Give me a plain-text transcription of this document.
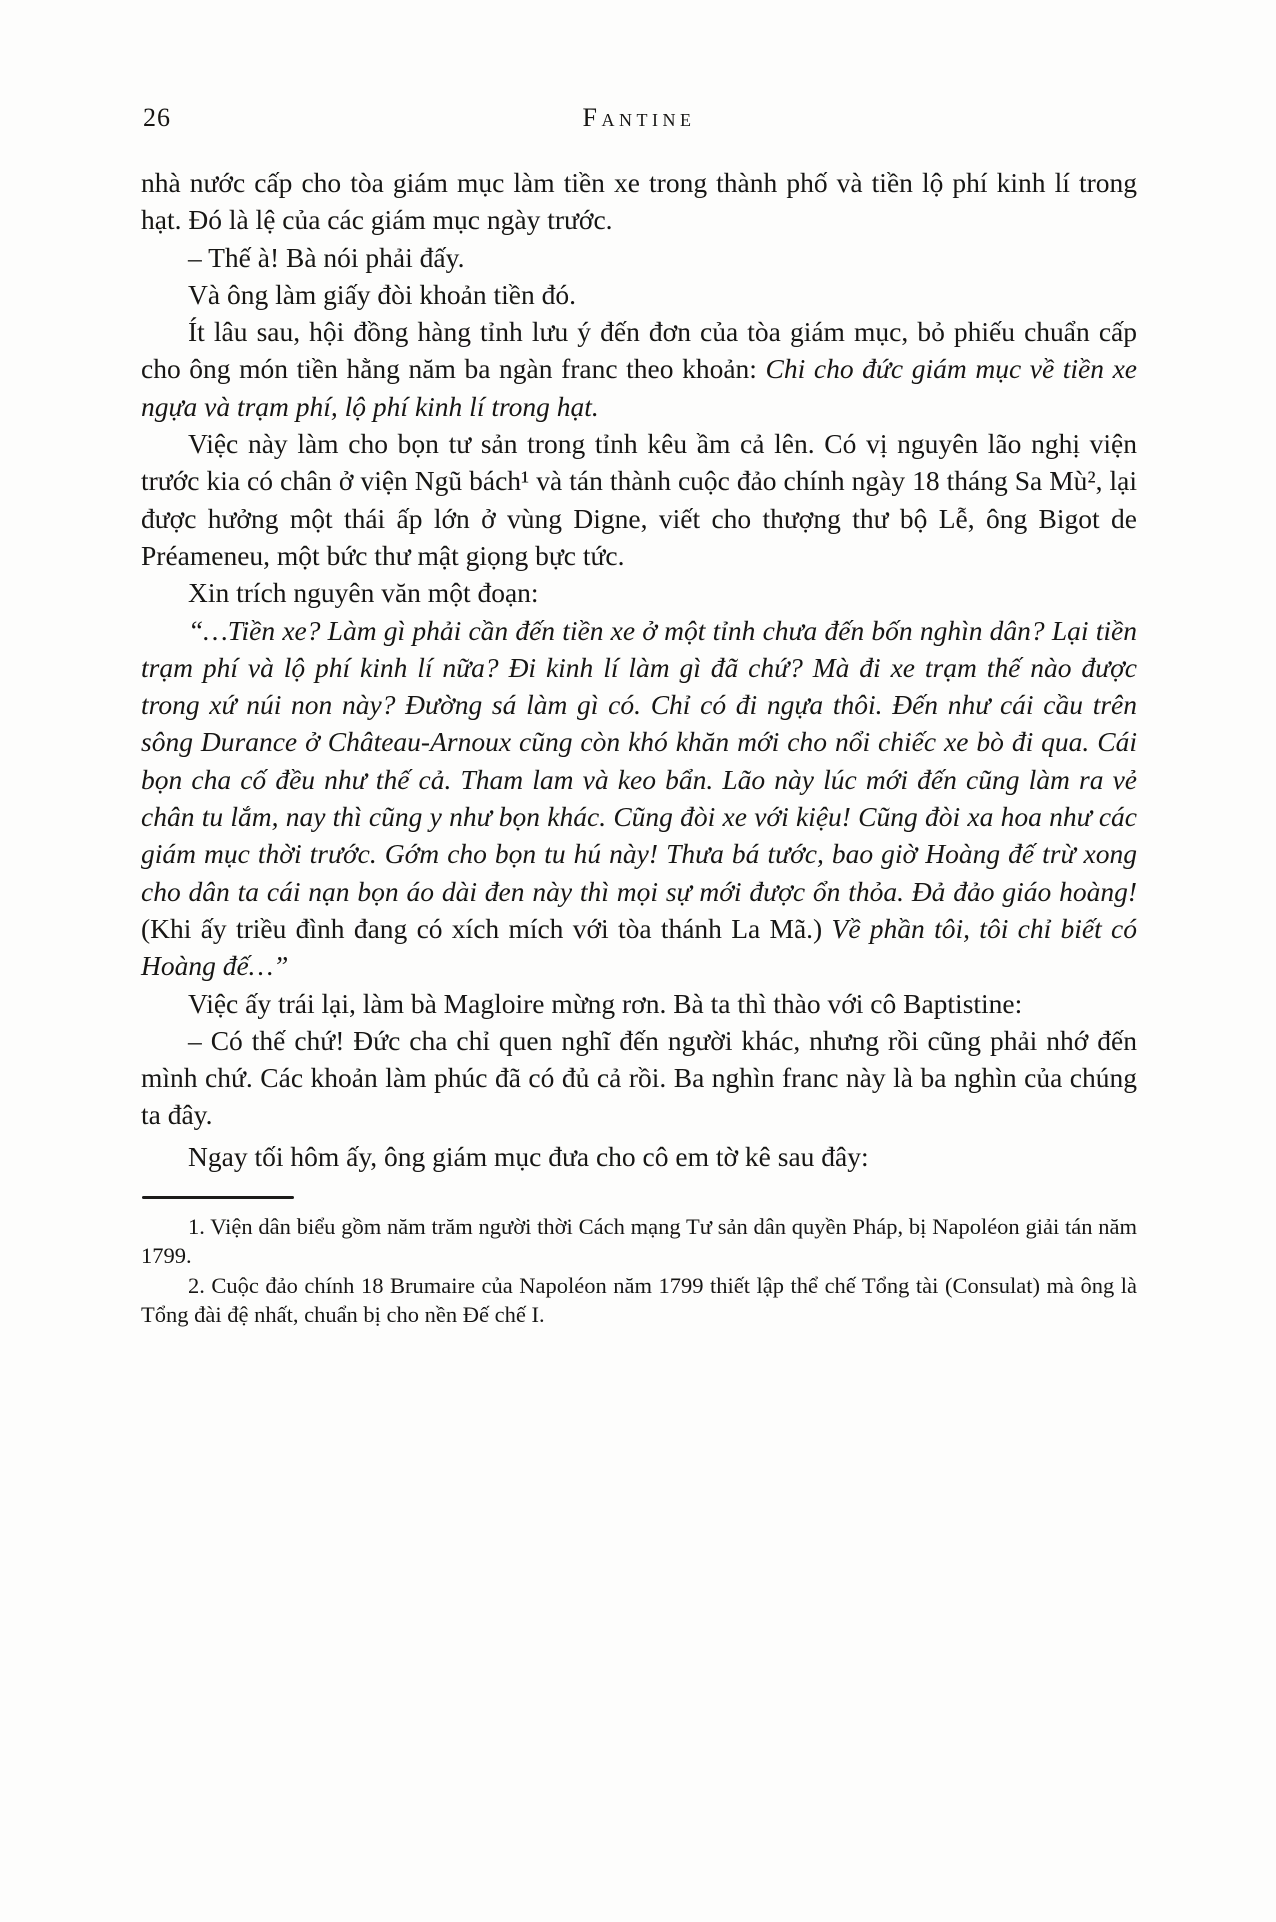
26	Fantine

nhà nước cấp cho tòa giám mục làm tiền xe trong thành phố và tiền lộ phí kinh lí trong hạt. Đó là lệ của các giám mục ngày trước.

– Thế à! Bà nói phải đấy.

Và ông làm giấy đòi khoản tiền đó.

Ít lâu sau, hội đồng hàng tỉnh lưu ý đến đơn của tòa giám mục, bỏ phiếu chuẩn cấp cho ông món tiền hằng năm ba ngàn franc theo khoản: Chi cho đức giám mục về tiền xe ngựa và trạm phí, lộ phí kinh lí trong hạt.

Việc này làm cho bọn tư sản trong tỉnh kêu ầm cả lên. Có vị nguyên lão nghị viện trước kia có chân ở viện Ngũ bách¹ và tán thành cuộc đảo chính ngày 18 tháng Sa Mù², lại được hưởng một thái ấp lớn ở vùng Digne, viết cho thượng thư bộ Lễ, ông Bigot de Préameneu, một bức thư mật giọng bực tức.

Xin trích nguyên văn một đoạn:

“…Tiền xe? Làm gì phải cần đến tiền xe ở một tỉnh chưa đến bốn nghìn dân? Lại tiền trạm phí và lộ phí kinh lí nữa? Đi kinh lí làm gì đã chứ? Mà đi xe trạm thế nào được trong xứ núi non này? Đường sá làm gì có. Chỉ có đi ngựa thôi. Đến như cái cầu trên sông Durance ở Château-Arnoux cũng còn khó khăn mới cho nổi chiếc xe bò đi qua. Cái bọn cha cố đều như thế cả. Tham lam và keo bẩn. Lão này lúc mới đến cũng làm ra vẻ chân tu lắm, nay thì cũng y như bọn khác. Cũng đòi xe với kiệu! Cũng đòi xa hoa như các giám mục thời trước. Gớm cho bọn tu hú này! Thưa bá tước, bao giờ Hoàng đế trừ xong cho dân ta cái nạn bọn áo dài đen này thì mọi sự mới được ổn thỏa. Đả đảo giáo hoàng! (Khi ấy triều đình đang có xích mích với tòa thánh La Mã.) Về phần tôi, tôi chỉ biết có Hoàng đế…”

Việc ấy trái lại, làm bà Magloire mừng rơn. Bà ta thì thào với cô Baptistine:

– Có thế chứ! Đức cha chỉ quen nghĩ đến người khác, nhưng rồi cũng phải nhớ đến mình chứ. Các khoản làm phúc đã có đủ cả rồi. Ba nghìn franc này là ba nghìn của chúng ta đây.

Ngay tối hôm ấy, ông giám mục đưa cho cô em tờ kê sau đây:

1. Viện dân biểu gồm năm trăm người thời Cách mạng Tư sản dân quyền Pháp, bị Napoléon giải tán năm 1799.

2. Cuộc đảo chính 18 Brumaire của Napoléon năm 1799 thiết lập thể chế Tổng tài (Consulat) mà ông là Tổng đài đệ nhất, chuẩn bị cho nền Đế chế I.
